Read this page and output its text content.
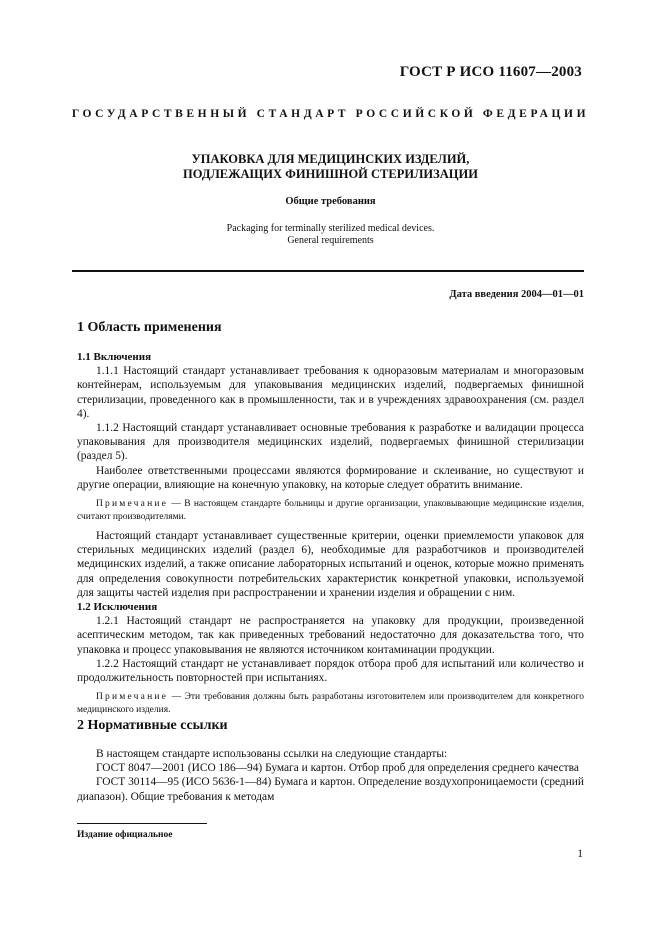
ГОСТ Р ИСО 11607—2003
ГОСУДАРСТВЕННЫЙ СТАНДАРТ РОССИЙСКОЙ ФЕДЕРАЦИИ
УПАКОВКА ДЛЯ МЕДИЦИНСКИХ ИЗДЕЛИЙ,
ПОДЛЕЖАЩИХ ФИНИШНОЙ СТЕРИЛИЗАЦИИ
Общие требования
Packaging for terminally sterilized medical devices.
General requirements
Дата введения 2004—01—01
1 Область применения

1.1 Включения

1.1.1 Настоящий стандарт устанавливает требования к одноразовым материалам и многоразовым контейнерам, используемым для упаковывания медицинских изделий, подвергаемых финишной стерилизации, проведенного как в промышленности, так и в учреждениях здравоохранения (см. раздел 4).

1.1.2 Настоящий стандарт устанавливает основные требования к разработке и валидации процесса упаковывания для производителя медицинских изделий, подвергаемых финишной стерилизации (раздел 5).

Наиболее ответственными процессами являются формирование и склеивание, но существуют и другие операции, влияющие на конечную упаковку, на которые следует обратить внимание.

Примечание — В настоящем стандарте больницы и другие организации, упаковывающие медицинские изделия, считают производителями.

Настоящий стандарт устанавливает существенные критерии, оценки приемлемости упаковок для стерильных медицинских изделий (раздел 6), необходимые для разработчиков и производителей медицинских изделий, а также описание лабораторных испытаний и оценок, которые можно применять для определения совокупности потребительских характеристик конкретной упаковки, используемой для защиты частей изделия при распространении и хранении изделия и обращении с ним.

1.2 Исключения

1.2.1 Настоящий стандарт не распространяется на упаковку для продукции, произведенной асептическим методом, так как приведенных требований недостаточно для доказательства того, что упаковка и процесс упаковывания не являются источником контаминации продукции.

1.2.2 Настоящий стандарт не устанавливает порядок отбора проб для испытаний или количество и продолжительность повторностей при испытаниях.

Примечание — Эти требования должны быть разработаны изготовителем или производителем для конкретного медицинского изделия.

2 Нормативные ссылки

В настоящем стандарте использованы ссылки на следующие стандарты:

ГОСТ 8047—2001 (ИСО 186—94) Бумага и картон. Отбор проб для определения среднего качества

ГОСТ 30114—95 (ИСО 5636-1—84) Бумага и картон. Определение воздухопроницаемости (средний диапазон). Общие требования к методам

Издание официальное
1
